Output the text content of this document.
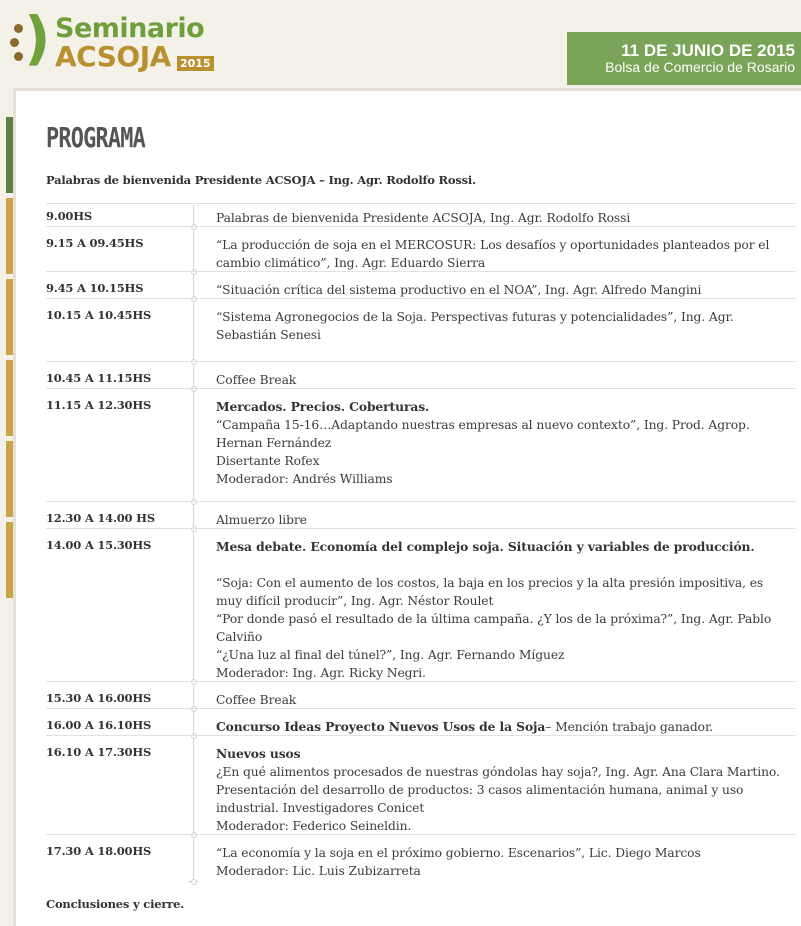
) Seminario
ACSOJA 2015
11 DE JUNIO DE 2015
Bolsa de Comercio de Rosario
PROGRAMA
Palabras de bienvenida Presidente ACSOJA – Ing. Agr. Rodolfo Rossi.
9.00HS	Palabras de bienvenida Presidente ACSOJA, Ing. Agr. Rodolfo Rossi
9.15 A 09.45HS	“La producción de soja en el MERCOSUR: Los desafíos y oportunidades planteados por el cambio climático”, Ing. Agr. Eduardo Sierra
9.45 A 10.15HS	“Situación crítica del sistema productivo en el NOA”, Ing. Agr. Alfredo Mangini
10.15 A 10.45HS	“Sistema Agronegocios de la Soja. Perspectivas futuras y potencialidades”, Ing. Agr. Sebastián Senesi
10.45 A 11.15HS	Coffee Break
11.15 A 12.30HS	Mercados. Precios. Coberturas.
“Campaña 15-16…Adaptando nuestras empresas al nuevo contexto”, Ing. Prod. Agrop. Hernan Fernández
Disertante Rofex
Moderador: Andrés Williams
12.30 A 14.00 HS	Almuerzo libre
14.00 A 15.30HS	Mesa debate. Economía del complejo soja. Situación y variables de producción.
“Soja: Con el aumento de los costos, la baja en los precios y la alta presión impositiva, es muy difícil producir”, Ing. Agr. Néstor Roulet
“Por donde pasó el resultado de la última campaña. ¿Y los de la próxima?”, Ing. Agr. Pablo Calviño
“¿Una luz al final del túnel?”, Ing. Agr. Fernando Míguez
Moderador: Ing. Agr. Ricky Negri.
15.30 A 16.00HS	Coffee Break
16.00 A 16.10HS	Concurso Ideas Proyecto Nuevos Usos de la Soja– Mención trabajo ganador.
16.10 A 17.30HS	Nuevos usos
¿En qué alimentos procesados de nuestras góndolas hay soja?, Ing. Agr. Ana Clara Martino.
Presentación del desarrollo de productos: 3 casos alimentación humana, animal y uso industrial. Investigadores Conicet
Moderador: Federico Seineldin.
17.30 A 18.00HS	“La economía y la soja en el próximo gobierno. Escenarios”, Lic. Diego Marcos
Moderador: Lic. Luis Zubizarreta
Conclusiones y cierre.
